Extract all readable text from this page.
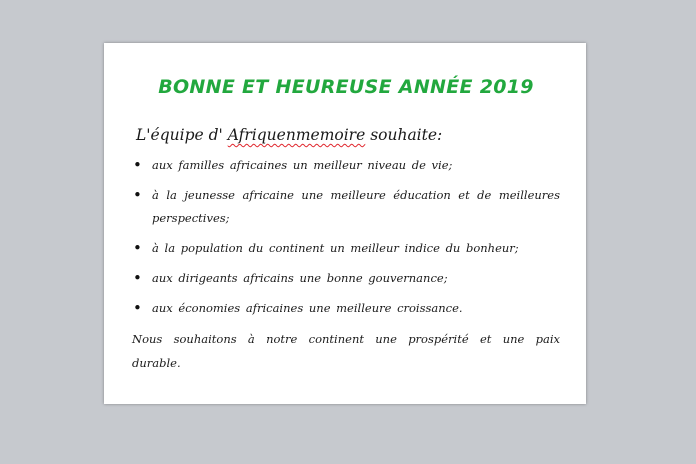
BONNE ET HEUREUSE ANNÉE 2019
L'équipe d' Afriquenmemoire souhaite:
• aux familles africaines un meilleur niveau de vie;
• à la jeunesse africaine une meilleure éducation et de meilleures perspectives;
• à la population du continent un meilleur indice du bonheur;
• aux dirigeants africains une bonne gouvernance;
• aux économies africaines une meilleure croissance.

Nous souhaitons à notre continent une prospérité et une paix durable.
